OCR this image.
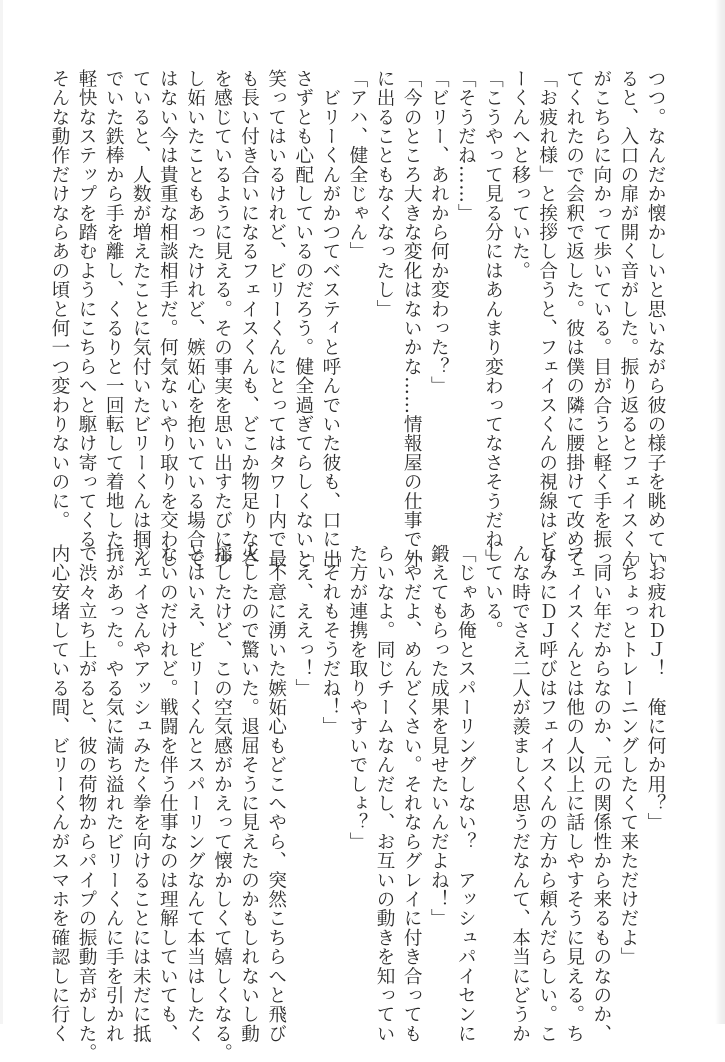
つつ。なんだか懐かしいと思いながら彼の様子を眺めてい
ると、入口の扉が開く音がした。振り返るとフェイスくん
がこちらに向かって歩いている。目が合うと軽く手を振っ
てくれたので会釈で返した。彼は僕の隣に腰掛けて改めて
「お疲れ様」と挨拶し合うと、フェイスくんの視線はビリ
ーくんへと移っていた。
「こうやって見る分にはあんまり変わってなさそうだね」
「そうだね……」
「ビリー、あれから何か変わった？」
「今のところ大きな変化はないかな……情報屋の仕事で外
に出ることもなくなったし」
「アハ、健全じゃん」
　ビリーくんがかつてベスティと呼んでいた彼も、口に出
さずとも心配しているのだろう。健全過ぎてらしくないと
笑ってはいるけれど、ビリーくんにとってはタワー内で最
も長い付き合いになるフェイスくんも、どこか物足りなさ
を感じているように見える。その事実を思い出すたびに少
し妬いたこともあったけれど、嫉妬心を抱いている場合で
はない今は貴重な相談相手だ。何気ないやり取りを交わし
ていると、人数が増えたことに気付いたビリーくんは掴ん
でいた鉄棒から手を離し、くるりと一回転して着地した。
軽快なステップを踏むようにこちらへと駆け寄ってくる、
そんな動作だけならあの頃と何一つ変わりないのに。
「お疲れＤＪ！　俺に何か用？」
「ちょっとトレーニングしたくて来ただけだよ」
　同い年だからなのか、元の関係性から来るものなのか、
フェイスくんとは他の人以上に話しやすそうに見える。ち
なみにＤＪ呼びはフェイスくんの方から頼んだらしい。こ
んな時でさえ二人が羨ましく思うだなんて、本当にどうか
している。
「じゃあ俺とスパーリングしない？　アッシュパイセンに
鍛えてもらった成果を見せたいんだよね！」
「やだよ、めんどくさい。それならグレイに付き合っても
らいなよ。同じチームなんだし、お互いの動きを知ってい
た方が連携を取りやすいでしょ？」
「それもそうだね！」
「え、ええっ！」
　不意に湧いた嫉妬心もどこへやら、突然こちらへと飛び
火したので驚いた。退屈そうに見えたのかもしれないし動
揺したけど、この空気感がかえって懐かしくて嬉しくなる。
とはいえ、ビリーくんとスパーリングなんて本当はしたく
ないのだけれど。戦闘を伴う仕事なのは理解していても、
ジェイさんやアッシュみたく拳を向けることには未だに抵
抗があった。やる気に満ち溢れたビリーくんに手を引かれ
て渋々立ち上がると、彼の荷物からパイプの振動音がした。
内心安堵している間、ビリーくんがスマホを確認しに行く
